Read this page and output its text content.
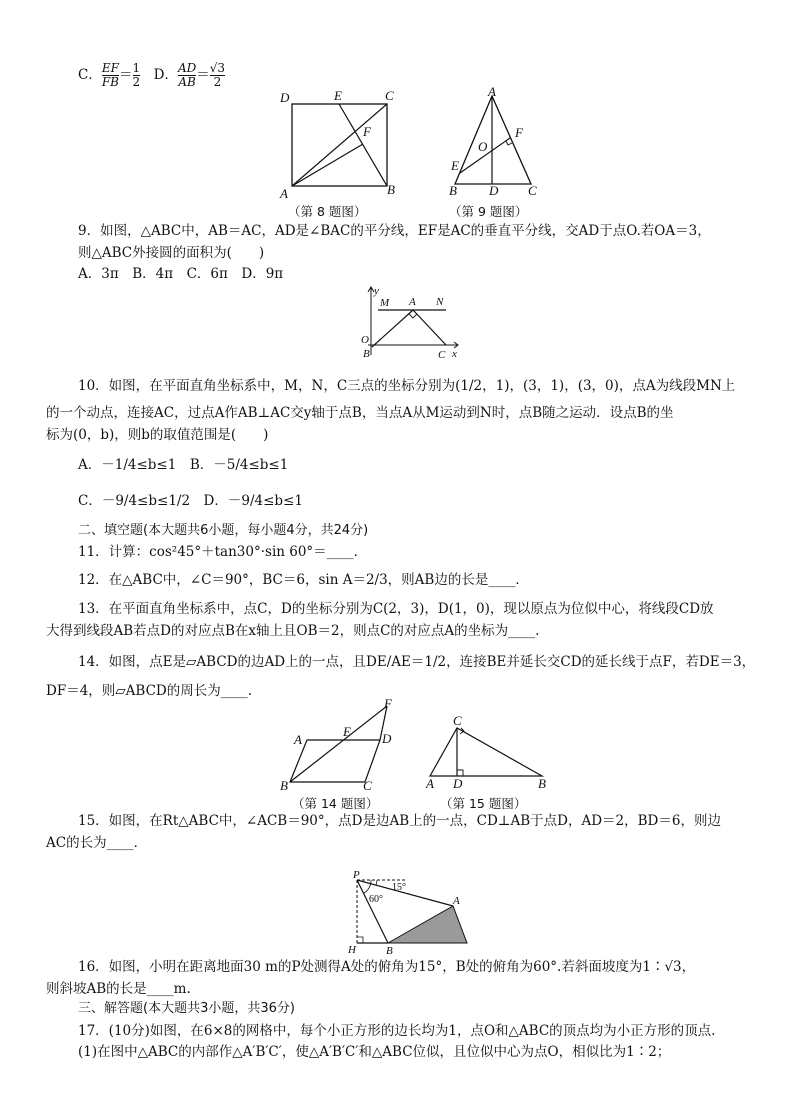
C． $\frac{EF}{FB}= \frac{1}{2}$　D． $\frac{AD}{AB}= \frac{√3}{2}$
D	E	C
F
A	B
A
F
O
E
B D C
（第 8 题图）	（第 9 题图）
9．如图，△ABC中，AB＝AC，AD是∠BAC的平分线，EF是AC的垂直平分线，交AD于点O.若OA＝3，
则△ABC外接圆的面积为(　　)
A．3π　B．4π　C．6π　D．9π
y
M A N
O
B	C x
10．如图，在平面直角坐标系中，M，N，C三点的坐标分别为(1/2，1)，(3，1)，(3，0)，点A为线段MN上
的一个动点，连接AC，过点A作AB⊥AC交y轴于点B，当点A从M运动到N时，点B随之运动．设点B的坐
标为(0，b)，则b的取值范围是(　　)
A．－1/4≤b≤1　B．－5/4≤b≤1
C．－9/4≤b≤1/2　D．－9/4≤b≤1
二、填空题(本大题共6小题，每小题4分，共24分)
11．计算：cos²45°＋tan30°·sin 60°＝____．
12．在△ABC中，∠C＝90°，BC＝6，sin A＝2/3，则AB边的长是____．
13．在平面直角坐标系中，点C，D的坐标分别为C(2，3)，D(1，0)，现以原点为位似中心，将线段CD放
大得到线段AB若点D的对应点B在x轴上且OB＝2，则点C的对应点A的坐标为____.
14．如图，点E是▱ABCD的边AD上的一点，且DE/AE＝1/2，连接BE并延长交CD的延长线于点F，若DE＝3，
DF＝4，则▱ABCD的周长为____.
F
A
E D
B	C
C
A D	B
（第 14 题图）	（第 15 题图）
15．如图，在Rt△ABC中，∠ACB＝90°，点D是边AB上的一点，CD⊥AB于点D，AD＝2，BD＝6，则边
AC的长为____．
P
15°
60°	A
H	B
16．如图，小明在距离地面30 m的P处测得A处的俯角为15°，B处的俯角为60°.若斜面坡度为1∶√3，
则斜坡AB的长是____m.
三、解答题(本大题共3小题，共36分)
17．(10分)如图，在6×8的网格中，每个小正方形的边长均为1，点O和△ABC的顶点均为小正方形的顶点.
(1)在图中△ABC的内部作△A′B′C′，使△A′B′C′和△ABC位似，且位似中心为点O，相似比为1∶2；
